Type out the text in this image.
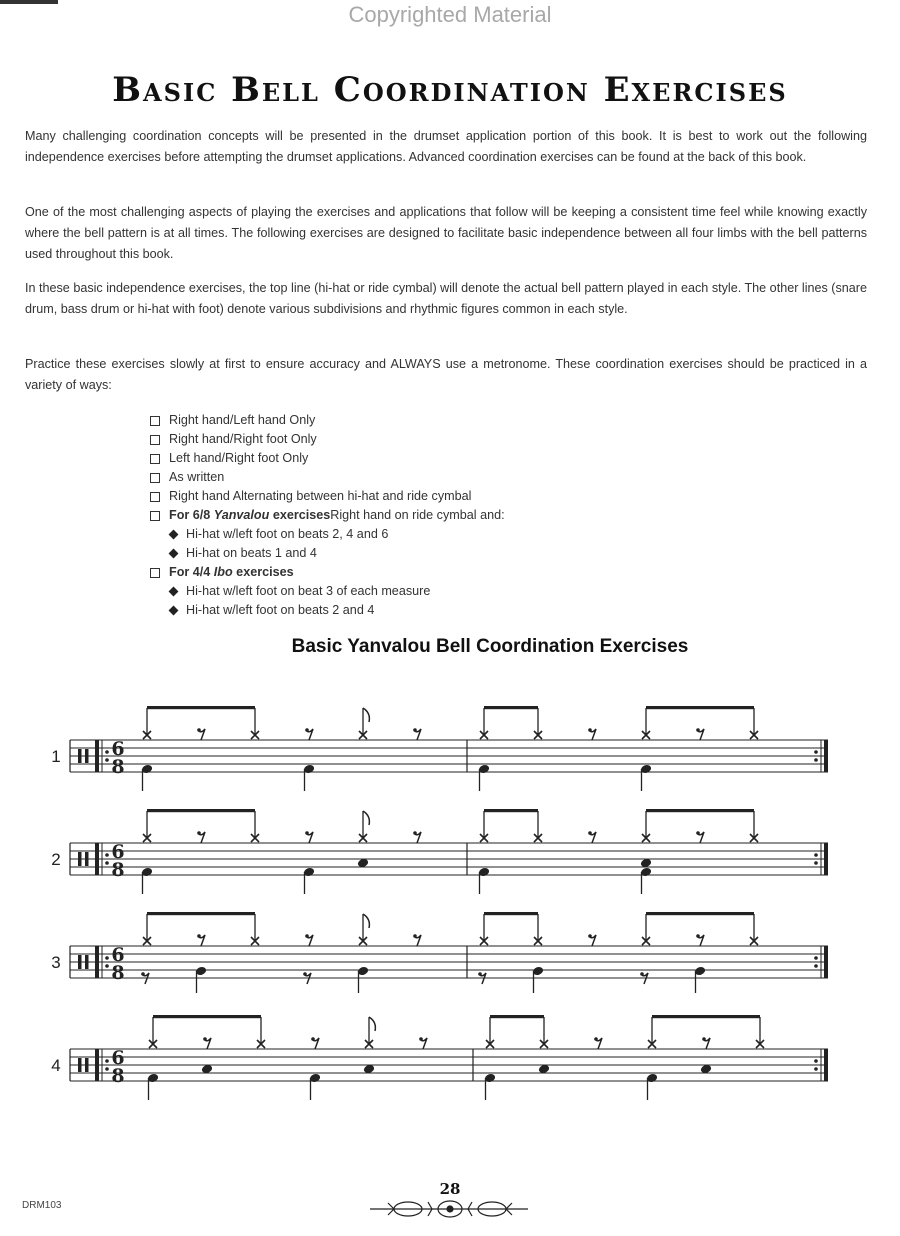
Copyrighted Material
Basic Bell Coordination Exercises

Many challenging coordination concepts will be presented in the drumset application portion of this book. It is best to work out the following independence exercises before attempting the drumset applications. Advanced coordination exercises can be found at the back of this book.

One of the most challenging aspects of playing the exercises and applications that follow will be keeping a consistent time feel while knowing exactly where the bell pattern is at all times. The following exercises are designed to facilitate basic independence between all four limbs with the bell patterns used throughout this book.

In these basic independence exercises, the top line (hi-hat or ride cymbal) will denote the actual bell pattern played in each style. The other lines (snare drum, bass drum or hi-hat with foot) denote various subdivisions and rhythmic figures common in each style.

Practice these exercises slowly at first to ensure accuracy and ALWAYS use a metronome. These coordination exercises should be practiced in a variety of ways:

Right hand/Left hand Only
Right hand/Right foot Only
Left hand/Right foot Only
As written
Right hand Alternating between hi-hat and ride cymbal
For 6/8 Yanvalou exercises Right hand on ride cymbal and:
Hi-hat w/left foot on beats 2, 4 and 6
Hi-hat on beats 1 and 4
For 4/4 Ibo exercises
Hi-hat w/left foot on beat 3 of each measure
Hi-hat w/left foot on beats 2 and 4
Basic Yanvalou Bell Coordination Exercises
6
8
1
6
8
2
6
8
3
6
8
4
28
DRM103
